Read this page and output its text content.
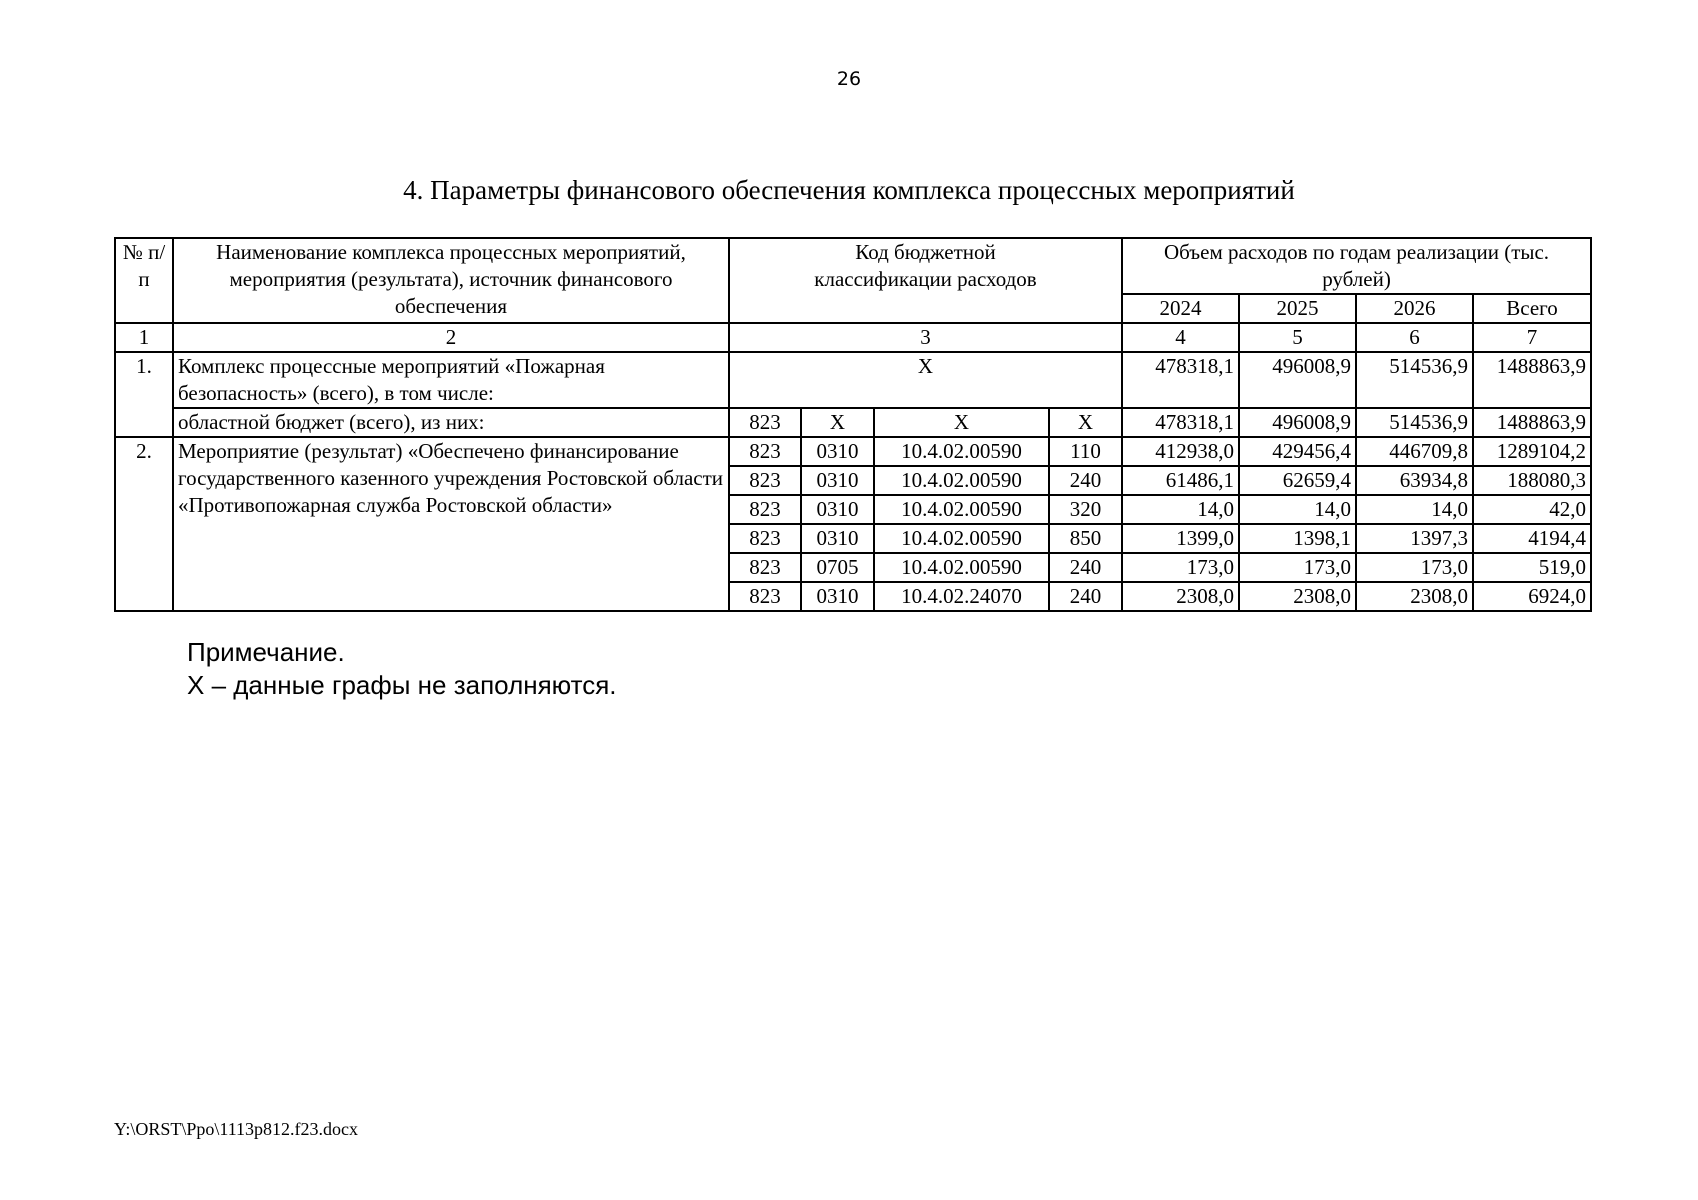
26
4. Параметры финансового обеспечения комплекса процессных мероприятий
№ п/п	Наименование комплекса процессных мероприятий, мероприятия (результата), источник финансового обеспечения	Код бюджетной классификации расходов				Объем расходов по годам реализации (тыс. рублей)			

						2024	2025	2026	Всего
1	2	3				4	5	6	7
1.	Комплекс процессные мероприятий «Пожарная безопасность» (всего), в том числе:	X				478318,1	496008,9	514536,9	1488863,9
	областной бюджет (всего), из них:	823	X	X	X	478318,1	496008,9	514536,9	1488863,9
2.	Мероприятие (результат) «Обеспечено финансирование государственного казенного учреждения Ростовской области «Противопожарная служба Ростовской области»	823	0310	10.4.02.00590	110	412938,0	429456,4	446709,8	1289104,2
		823	0310	10.4.02.00590	240	61486,1	62659,4	63934,8	188080,3
		823	0310	10.4.02.00590	320	14,0	14,0	14,0	42,0
		823	0310	10.4.02.00590	850	1399,0	1398,1	1397,3	4194,4
		823	0705	10.4.02.00590	240	173,0	173,0	173,0	519,0
		823	0310	10.4.02.24070	240	2308,0	2308,0	2308,0	6924,0
Примечание.
Х – данные графы не заполняются.
Y:\ORST\Ppo\1113p812.f23.docx
